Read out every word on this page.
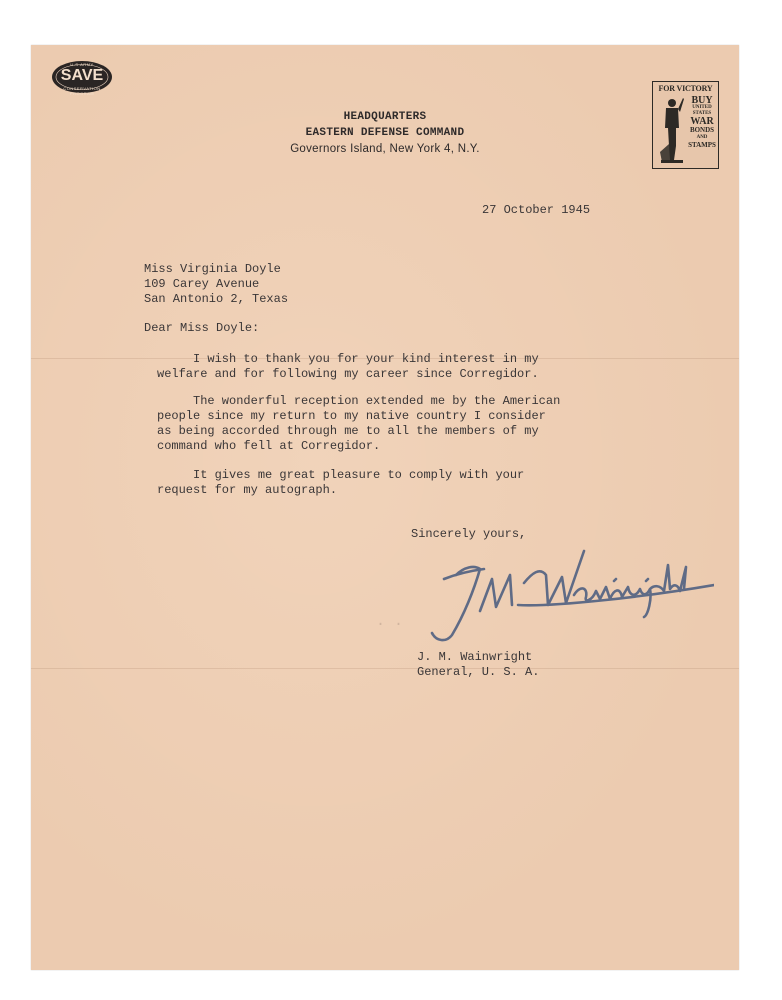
U.S.ARMY
SAVE
CONSERVATION PROGRAM
HEADQUARTERS
EASTERN DEFENSE COMMAND
Governors Island, New York 4, N.Y.
FOR VICTORY
BUY
UNITED STATES
WAR
BONDS
AND
STAMPS
27 October 1945
Miss Virginia Doyle
109 Carey Avenue
San Antonio 2, Texas
Dear Miss Doyle:
I wish to thank you for your kind interest in my
welfare and for following my career since Corregidor.
The wonderful reception extended me by the American
people since my return to my native country I consider
as being accorded through me to all the members of my
command who fell at Corregidor.
It gives me great pleasure to comply with your
request for my autograph.
Sincerely yours,
· ·
J. M. Wainwright
General, U. S. A.
